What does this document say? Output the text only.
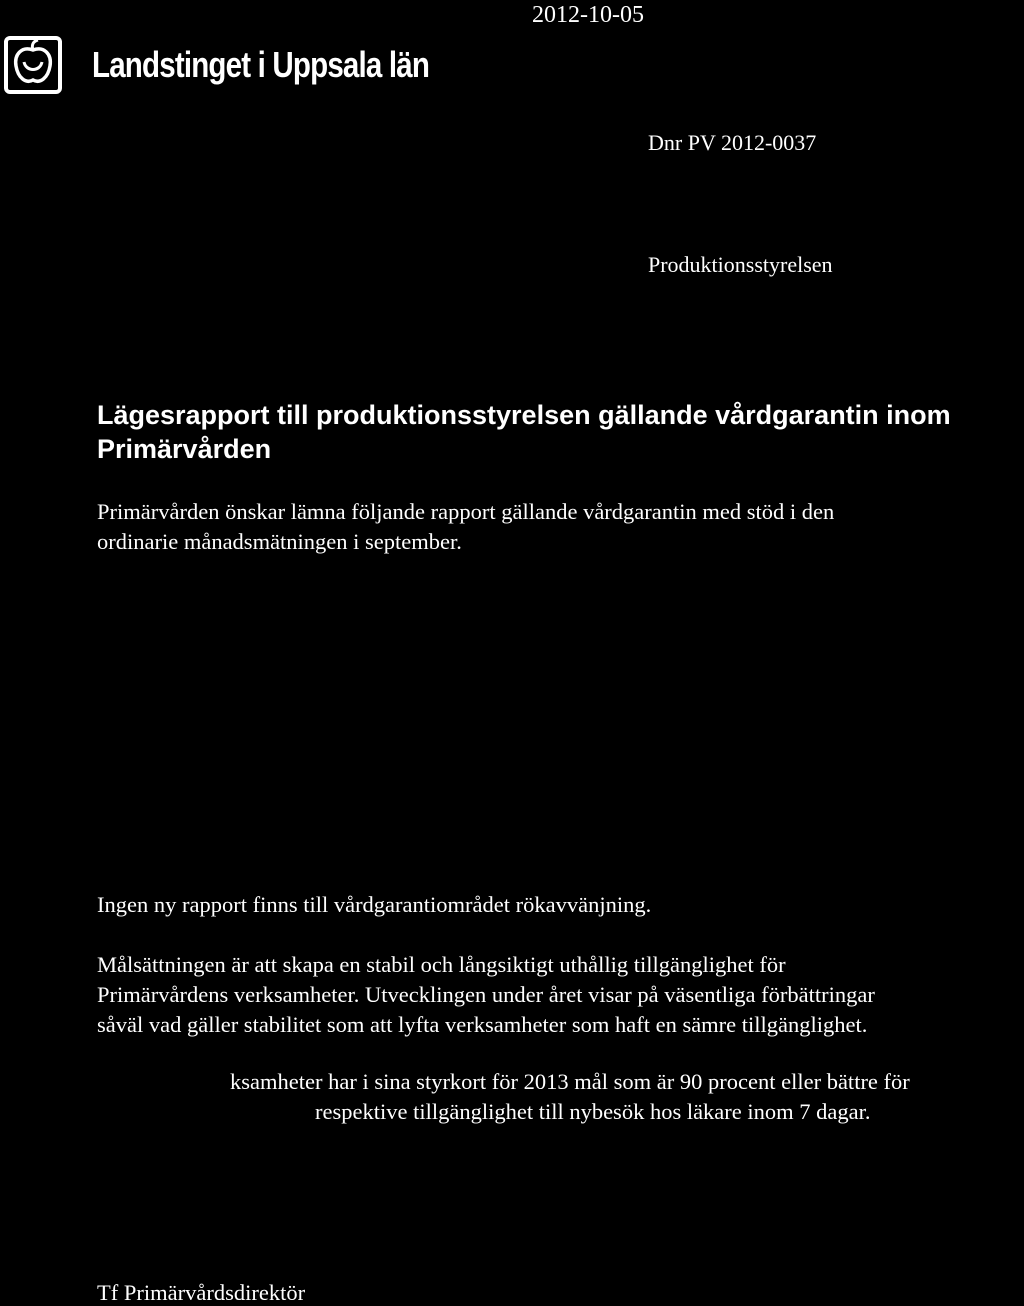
Landstinget i Uppsala län
2012-10-05
Dnr PV 2012-0037
Produktionsstyrelsen
Lägesrapport till produktionsstyrelsen gällande vårdgarantin inom Primärvården
Primärvården önskar lämna följande rapport gällande vårdgarantin med stöd i den
ordinarie månadsmätningen i september.
Ingen ny rapport finns till vårdgarantiområdet rökavvänjning.
Målsättningen är att skapa en stabil och långsiktigt uthållig tillgänglighet för
Primärvårdens verksamheter. Utvecklingen under året visar på väsentliga förbättringar
såväl vad gäller stabilitet som att lyfta verksamheter som haft en sämre tillgänglighet.
ksamheter har i sina styrkort för 2013 mål som är 90 procent eller bättre för
respektive tillgänglighet till nybesök hos läkare inom 7 dagar.
Tf Primärvårdsdirektör
